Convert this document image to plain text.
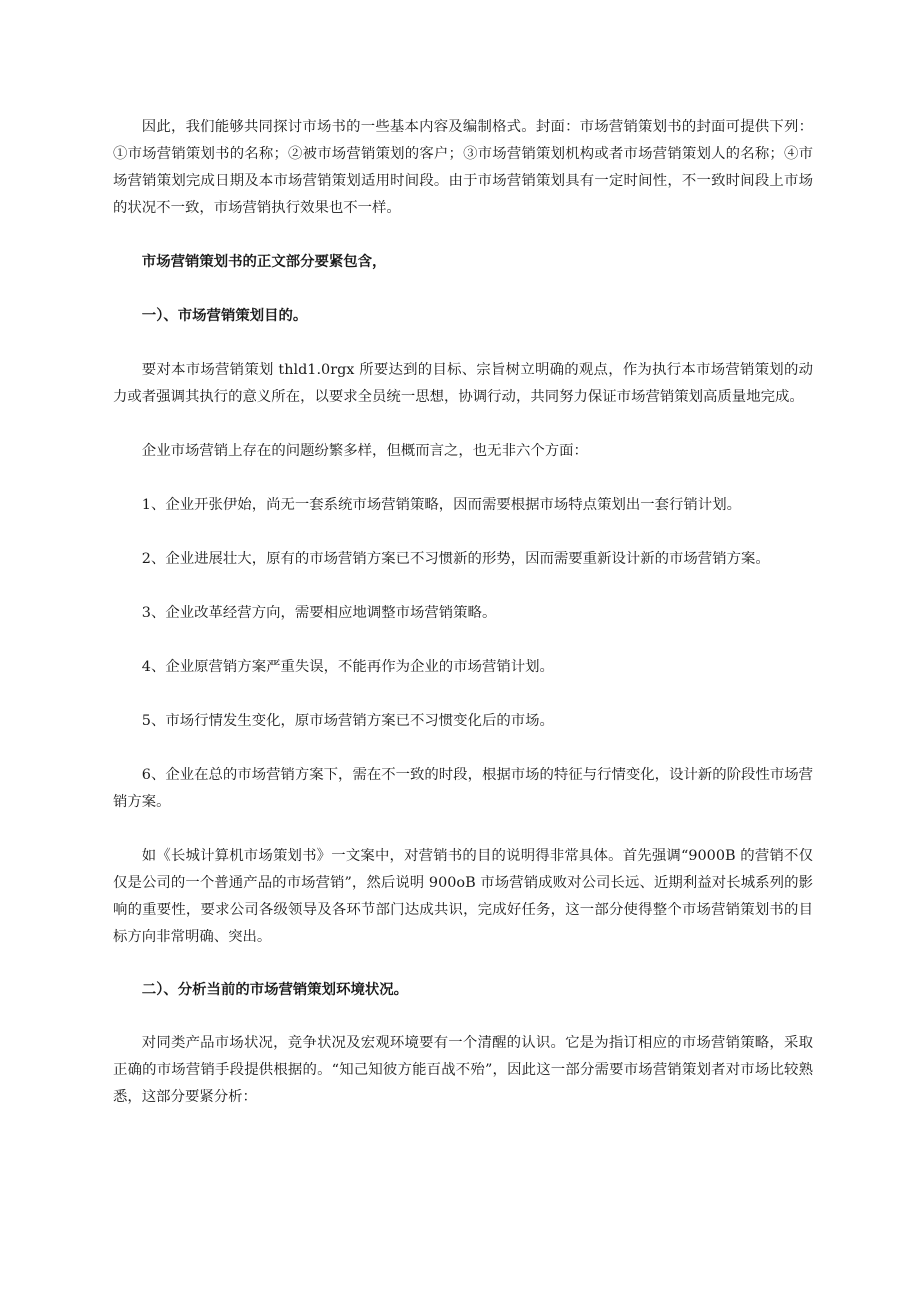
因此，我们能够共同探讨市场书的一些基本内容及编制格式。封面：市场营销策划书的封面可提供下列：①市场营销策划书的名称；②被市场营销策划的客户；③市场营销策划机构或者市场营销策划人的名称；④市场营销策划完成日期及本市场营销策划适用时间段。由于市场营销策划具有一定时间性，不一致时间段上市场的状况不一致，市场营销执行效果也不一样。

市场营销策划书的正文部分要紧包含，

一）、市场营销策划目的。

要对本市场营销策划 thld1.0rgx 所要达到的目标、宗旨树立明确的观点，作为执行本市场营销策划的动力或者强调其执行的意义所在，以要求全员统一思想，协调行动，共同努力保证市场营销策划高质量地完成。

企业市场营销上存在的问题纷繁多样，但概而言之，也无非六个方面：

1、企业开张伊始，尚无一套系统市场营销策略，因而需要根据市场特点策划出一套行销计划。

2、企业进展壮大，原有的市场营销方案已不习惯新的形势，因而需要重新设计新的市场营销方案。

3、企业改革经营方向，需要相应地调整市场营销策略。

4、企业原营销方案严重失误，不能再作为企业的市场营销计划。

5、市场行情发生变化，原市场营销方案已不习惯变化后的市场。

6、企业在总的市场营销方案下，需在不一致的时段，根据市场的特征与行情变化，设计新的阶段性市场营销方案。

如《长城计算机市场策划书》一文案中，对营销书的目的说明得非常具体。首先强调“9000B 的营销不仅仅是公司的一个普通产品的市场营销”，然后说明 900oB 市场营销成败对公司长远、近期利益对长城系列的影响的重要性，要求公司各级领导及各环节部门达成共识，完成好任务，这一部分使得整个市场营销策划书的目标方向非常明确、突出。

二）、分析当前的市场营销策划环境状况。

对同类产品市场状况，竞争状况及宏观环境要有一个清醒的认识。它是为指订相应的市场营销策略，采取正确的市场营销手段提供根据的。“知己知彼方能百战不殆”，因此这一部分需要市场营销策划者对市场比较熟悉，这部分要紧分析：
